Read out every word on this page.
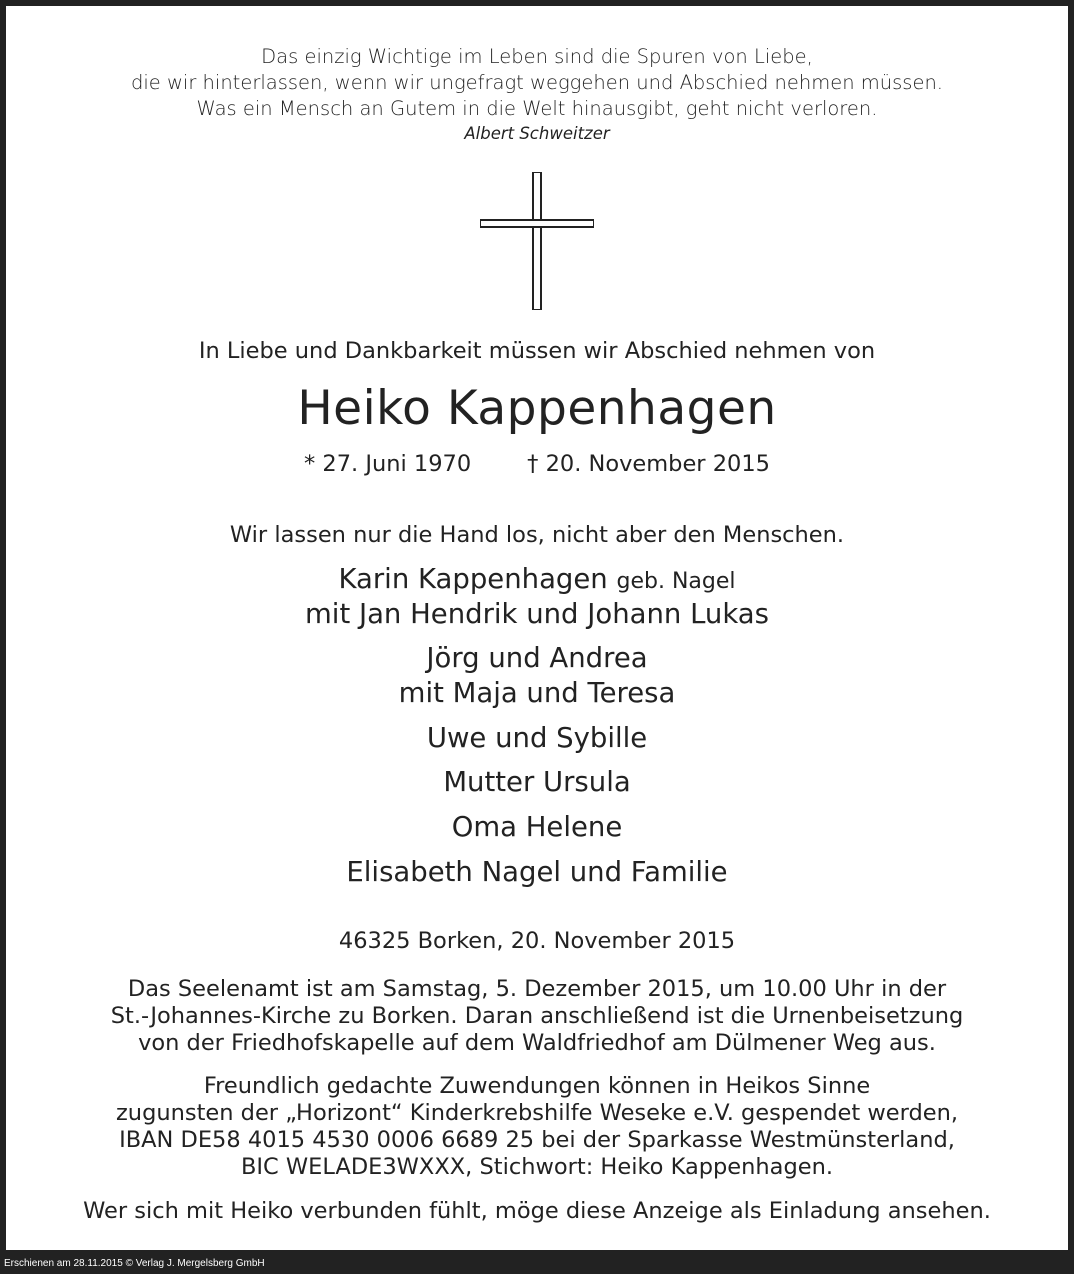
Das einzig Wichtige im Leben sind die Spuren von Liebe,
die wir hinterlassen, wenn wir ungefragt weggehen und Abschied nehmen müssen.
Was ein Mensch an Gutem in die Welt hinausgibt, geht nicht verloren.
Albert Schweitzer
In Liebe und Dankbarkeit müssen wir Abschied nehmen von
Heiko Kappenhagen
* 27. Juni 1970 † 20. November 2015
Wir lassen nur die Hand los, nicht aber den Menschen.
Karin Kappenhagen geb. Nagel
mit Jan Hendrik und Johann Lukas
Jörg und Andrea
mit Maja und Teresa
Uwe und Sybille
Mutter Ursula
Oma Helene
Elisabeth Nagel und Familie
46325 Borken, 20. November 2015
Das Seelenamt ist am Samstag, 5. Dezember 2015, um 10.00 Uhr in der
St.-Johannes-Kirche zu Borken. Daran anschließend ist die Urnenbeisetzung
von der Friedhofskapelle auf dem Waldfriedhof am Dülmener Weg aus.
Freundlich gedachte Zuwendungen können in Heikos Sinne
zugunsten der „Horizont“ Kinderkrebshilfe Weseke e.V. gespendet werden,
IBAN DE58 4015 4530 0006 6689 25 bei der Sparkasse Westmünsterland,
BIC WELADE3WXXX, Stichwort: Heiko Kappenhagen.
Wer sich mit Heiko verbunden fühlt, möge diese Anzeige als Einladung ansehen.
Erschienen am 28.11.2015 © Verlag J. Mergelsberg GmbH
